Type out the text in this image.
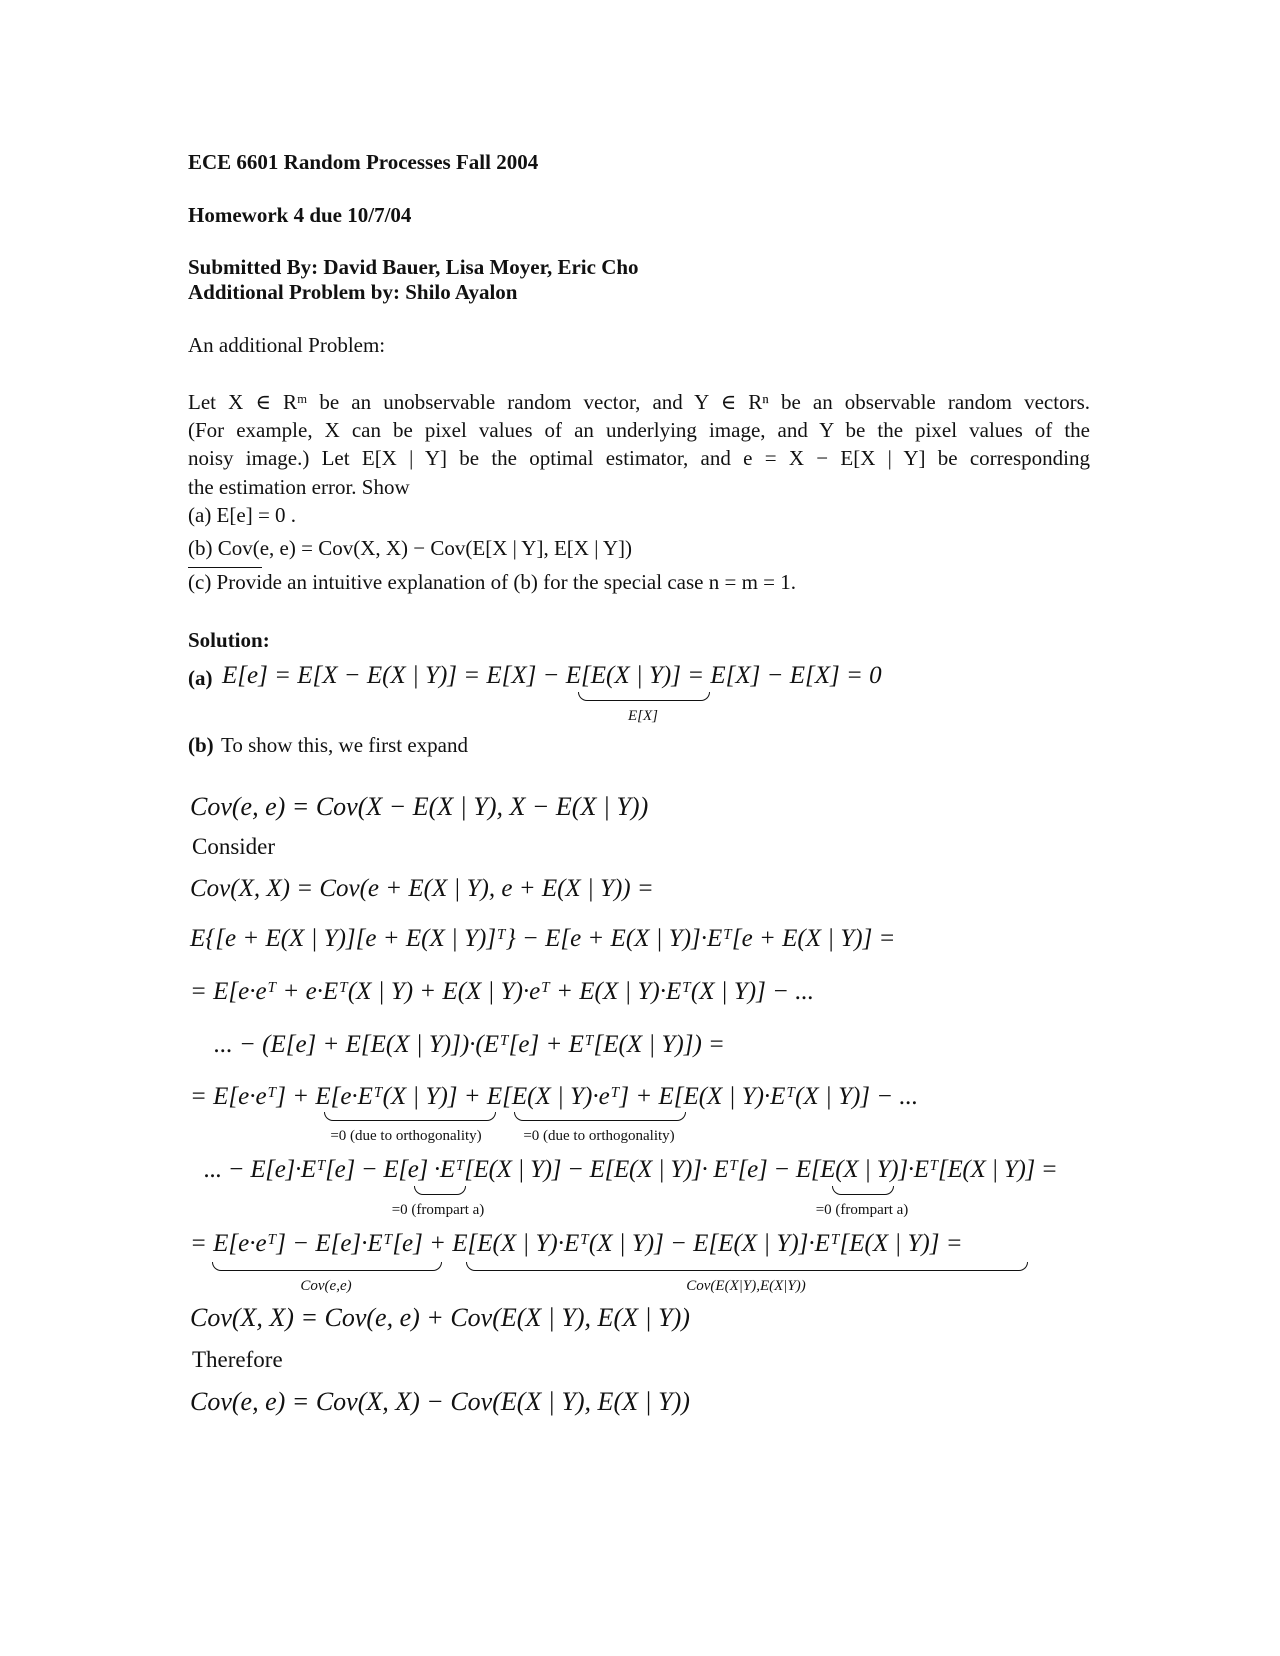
ECE 6601 Random Processes Fall 2004
Homework 4 due 10/7/04
Submitted By: David Bauer, Lisa Moyer, Eric Cho
Additional Problem by: Shilo Ayalon
An additional Problem:
Let X ∈ Rᵐ be an unobservable random vector, and Y ∈ Rⁿ be an observable random vectors.
(For example, X can be pixel values of an underlying image, and Y be the pixel values of the
noisy image.) Let E[X | Y] be the optimal estimator, and e = X − E[X | Y] be corresponding
the estimation error. Show
(a) E[e] = 0 .
(b) Cov(e, e) = Cov(X, X) − Cov(E[X | Y], E[X | Y])
(c) Provide an intuitive explanation of (b) for the special case n = m = 1.
Solution:
(a) E[e] = E[X − E(X | Y)] = E[X] − E[E(X | Y)] = E[X] − E[X] = 0
E[X]
(b) To show this, we first expand
Cov(e, e) = Cov(X − E(X | Y), X − E(X | Y))
Consider
Cov(X, X) = Cov(e + E(X | Y), e + E(X | Y)) =
E{[e + E(X | Y)][e + E(X | Y)]ᵀ} − E[e + E(X | Y)]·Eᵀ[e + E(X | Y)] =
= E[e·eᵀ + e·Eᵀ(X | Y) + E(X | Y)·eᵀ + E(X | Y)·Eᵀ(X | Y)] − ...
... − (E[e] + E[E(X | Y)])·(Eᵀ[e] + Eᵀ[E(X | Y)]) =
= E[e·eᵀ] + E[e·Eᵀ(X | Y)] + E[E(X | Y)·eᵀ] + E[E(X | Y)·Eᵀ(X | Y)] − ...
=0 (due to orthogonality)	=0 (due to orthogonality)
... − E[e]·Eᵀ[e] − E[e] ·Eᵀ[E(X | Y)] − E[E(X | Y)]· Eᵀ[e] − E[E(X | Y)]·Eᵀ[E(X | Y)] =
=0 (frompart a)	=0 (frompart a)
= E[e·eᵀ] − E[e]·Eᵀ[e] + E[E(X | Y)·Eᵀ(X | Y)] − E[E(X | Y)]·Eᵀ[E(X | Y)] =
Cov(e,e)	Cov(E(X|Y),E(X|Y))
Cov(X, X) = Cov(e, e) + Cov(E(X | Y), E(X | Y))
Therefore
Cov(e, e) = Cov(X, X) − Cov(E(X | Y), E(X | Y))
